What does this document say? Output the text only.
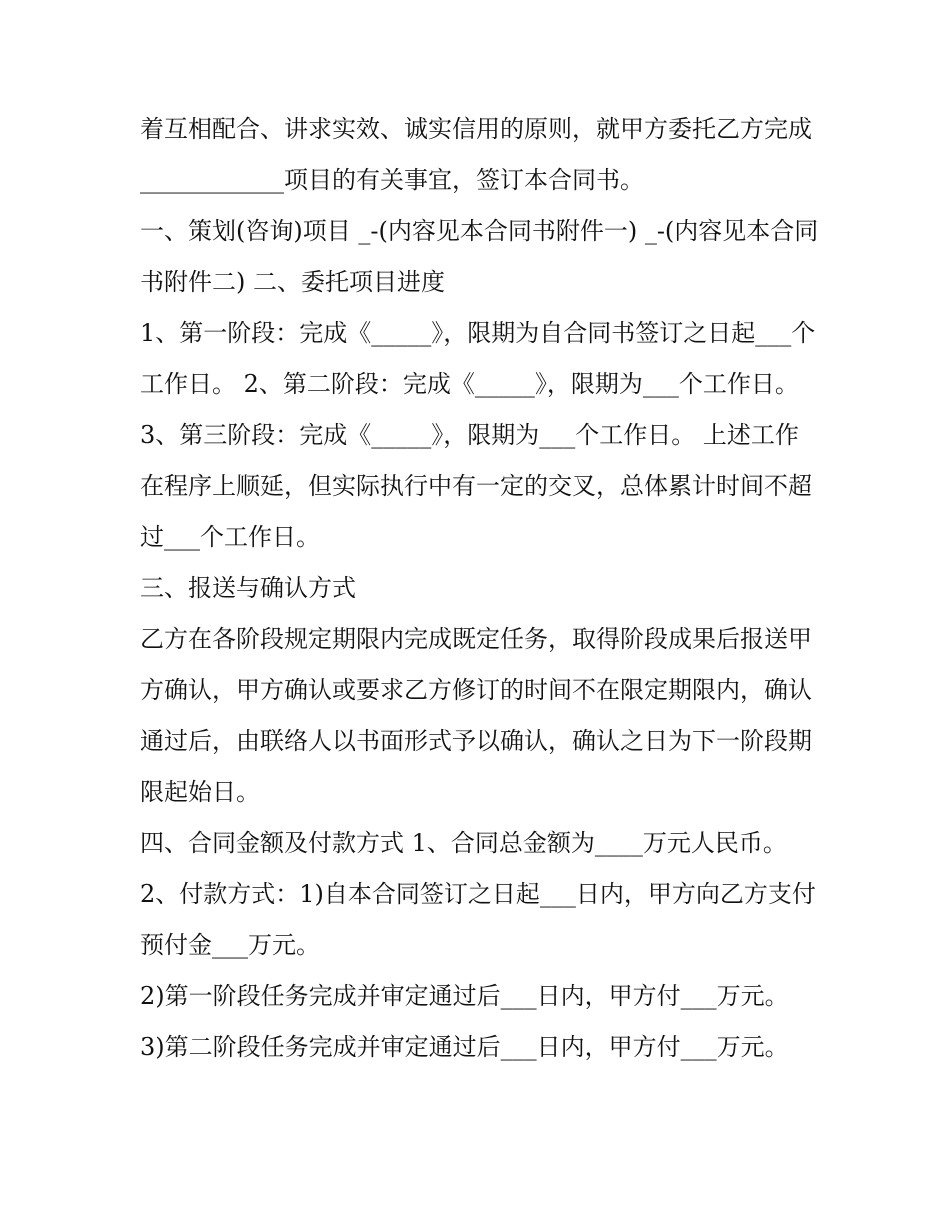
着互相配合、讲求实效、诚实信用的原则，就甲方委托乙方完成____________项目的有关事宜，签订本合同书。

一、策划(咨询)项目 _-(内容见本合同书附件一) _-(内容见本合同书附件二) 二、委托项目进度

1、第一阶段：完成《_____》，限期为自合同书签订之日起___个工作日。 2、第二阶段：完成《_____》，限期为___个工作日。

3、第三阶段：完成《_____》，限期为___个工作日。 上述工作在程序上顺延，但实际执行中有一定的交叉，总体累计时间不超过___个工作日。

三、报送与确认方式

乙方在各阶段规定期限内完成既定任务，取得阶段成果后报送甲方确认，甲方确认或要求乙方修订的时间不在限定期限内，确认通过后，由联络人以书面形式予以确认，确认之日为下一阶段期限起始日。

四、合同金额及付款方式 1、合同总金额为____万元人民币。

2、付款方式：1)自本合同签订之日起___日内，甲方向乙方支付预付金___万元。

2)第一阶段任务完成并审定通过后___日内，甲方付___万元。

3)第二阶段任务完成并审定通过后___日内，甲方付___万元。
